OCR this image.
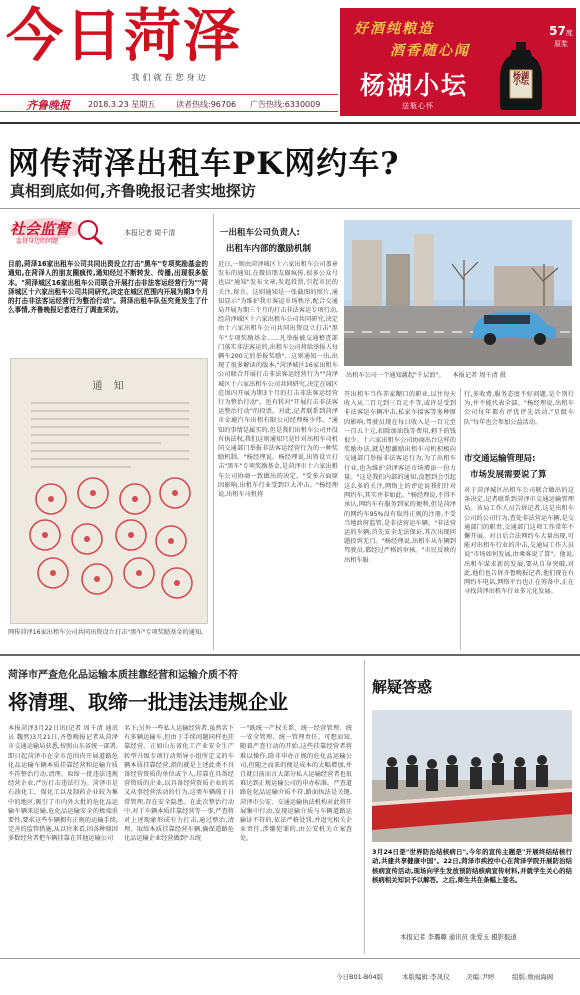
今日菏泽
我们就在您身边
齐鲁晚报 2018.3.23 星期五	读者热线:96706 广告热线:6330009
好酒纯粮造
酒香随心闻
杨湖小坛
送瓶心怀
57度
原浆
杨湖小坛
网传菏泽出租车PK网约车?
真相到底如何,齐鲁晚报记者实地探访
社会监督
监督身边的问题
本报记者 周千清
目前,菏泽16家出租车公司共同出资设立打击"黑车"专项奖励基金的通知,在菏泽人的朋友圈疯传,通知经过不断转发、传播,出现很多版本。"菏泽城区16家出租车公司联合开展打击非法客运经营行为""菏泽城区十六家出租车公司共同研究,决定在城区范围内开展为期3个月的打击非法客运经营行为整治行动"。菏泽出租车队伍究竟发生了什么事情,齐鲁晚报记者进行了调查采访。
通 知
网传菏泽16家出租车公司共同出资设立打击"黑车"专项奖励基金的通知。
一出租车公司负责人:
出租车内部的激励机制
近日,一则由菏泽城区十六家出租车公司盖章发布的通知,在微信朋友圈疯传,很多公众号也以"通知"发布文章,发起投票,引起市民的关注,留言。这则通知是一张截图的照片,通知显示"为维护我市客运市场秩序,配合交通局开展为期三个月的打击非法客运专项行动,经菏泽城区十六家出租车公司共同研究,决定由十六家出租车公司共同出资设立打击"黑车"专项奖励基金……凡举报被交通稽查部门落实非法客运的,出租车公司将给举报人每辆车200元的举报奖励"。这则通知一出,出现了很多解读的版本,"菏泽城区16家出租车公司联合开展打击非法客运经营行为""菏泽城区十六家出租车公司共同研究,决定在城区范围内开展为期3个月的打击非法客运经营行为整治行动"。也有转对"开展打击非法客运整治行动"的投票。对此,记者联系到菏泽市金鹿汽车出租有限公司经理杨少伟。"通知的事情是属实的,但是我们出租车公司并没有执法权,我们这则通知只是针对出租车司机同交通部门举报非法客运经营行为的一种奖励机制。"杨经理说。杨经理说,出资设立打击"黑车"专项奖励基金,是菏泽市十六家出租车公司协商一致做出的决定。"受多方面原因影响,出租车行业受到巨大冲击。"杨经理说,出租车司机将
出租车公司一个通知激起"千层浪"。 本报记者 周千清 摄
开出租车当作养家糊口的职业,以往每天收入从二百元到三百元不等,或许是受到非法客运车辆冲击,私家车接客等多种原因影响,驾驶员现在每日收入是一百元至一百五十元,扣除加油钱等费用,剩下的钱很少。十六家出租车公司协商出台这样的奖励办法,就是想激励出租车司机积极向交通部门举报非法客运行为,为了出租车行业,也为维护菏泽客运市场增添一份力量。"这是我们内部的通知,没想到会引起这么多的关注,网络上的评论说我们针对网约车,其实并非如此。"杨经理说,不得不承认,网约车有服务到家的便利,但是菏泽的网约车95%没有取得正规的注册,不受当地政府监管,是非法营运车辆。"非法营运的车辆,首先安全无法保证,其次出现问题投诉无门。"杨经理说,出租车从车辆到驾驶员,都经过严格的审核。"市民反映的出租车服
行,多收费,服务态度不好问题,是个别行为,并不能代表全部。"杨经理说,出租车公司每年都有评优评先活动,"星级车队"每年也会参加公益活动。
市交通运输管理局:
市场发展需要说了算
对于菏泽城区出租车公司联合做出的这条决定,记者联系到菏泽市交通运输管理局。该局工作人员告诉记者,这是出租车公司的公司行为,查处非法营运车辆,是交通部门的职责,交通部门这项工作常年不懈开展。对日后合法网约车大量出现,可能对出租车行业的冲击,交通局工作人员说"市场如何发展,由乘客说了算"。他说,出租车谋求新的发展,要从自身突破,对此,他们也告诉齐鲁晚报记者,他们现在有网约车电话,网络平台也正在筹备中,正在寻找菏泽出租车行业多元化发展。
菏泽市严查危化品运输本质挂靠经营和运输介质不符
将清理、取缔一批违法违规企业
本报菏泽3月22日讯(记者 周千清 通讯员 魏然)3月21日,齐鲁晚报记者从菏泽市交通运输局获悉,按照山东省统一部署,即日起菏泽市在全市范围内开展道路危化品运输车辆本质挂靠经营和运输介质不符整治行动,清理、取缔一批违法违规经营企业,严厉打击违法行为。菏泽市是石油化工、煤化工以及制药企业较为集中的地区,吸引了市内外大批的危化品运输车辆来运输,危化品运输安全的极端重要性,要求这些车辆拥有正规的运输手续,完善的监管措施,从以往来看,因各种原因多数经营者把车辆挂靠在其他运输公司
名下;另外一些私人运输经营者,虽然名下有多辆运输车,但由于手续问题同样也挂靠经营。正如山东省化工产业安全生产转型升级专项行动领导小组所定义的车辆本质挂靠经营,指的就是上述此类不具备经营资质的单位或个人,挂靠在具备经营资质的企业,以具备经营资质企业的名义从事经营活动的行为,这类车辆疏于日常管理,存在安全隐患。在此次整治行动中,对于车辆本质挂靠经营等一事,严查将对上述现象形成有力打击,通过整治,清理、取缔本质挂靠经营车辆,确保道路危化品运输企业经营做到"五统
一"既统一产权关系、统一经营管理、统一安全管理、统一管理责任。可想而知,随着严查行动的开始,这些挂靠经营者将难以操作,除非申办正规的危化品运输公司,但随之而来的便是成本的大幅增加,并且就目前而言大部分私人运输经营者也很难达到正规运输公司的申办标准。严查道路危化品运输介质不符,路面执法是关键,菏泽市公安、交通运输执法机构对此将开展集中行动,发现运输介质与车辆道路运输证不符的,依法严格处罚,并追究相关企业责任,涉嫌犯罪的,由公安机关立案查处。
解疑答惑
3月24日是"世界防治结核病日",今年的宣传主题是"开展终结结核行动,共建共享健康中国"。22日,菏泽市疾控中心在菏泽学院开展防治结核病宣传活动,现场向学生发放预防结核病宣传材料,并就学生关心的结核病相关知识予以解答。之后,师生共在条幅上签名。
本报记者 李璐璐 通讯员 张爱玉 摄影报道
今日B01-B04版	本版编辑:李凤仪	美编:尹婷	组版:詹雨海阁
